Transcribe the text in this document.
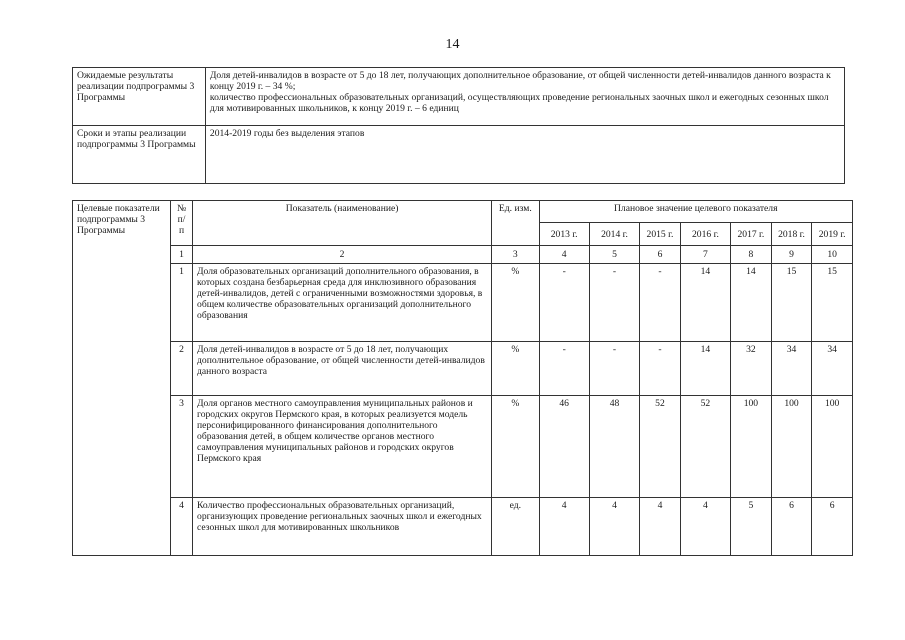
14
Ожидаемые результаты реализации подпрограммы 3 Программы	Доля детей-инвалидов в возрасте от 5 до 18 лет, получающих дополнительное образование, от общей численности детей-инвалидов данного возраста к концу 2019 г. – 34 %;
количество профессиональных образовательных организаций, осуществляющих проведение региональных заочных школ и ежегодных сезонных школ для мотивированных школьников, к концу 2019 г. – 6 единиц

Сроки и этапы реализации подпрограммы 3 Программы	2014-2019 годы без выделения этапов
Целевые показатели подпрограммы 3 Программы	№ п/п	Показатель (наименование)	Ед. изм.	Плановое значение целевого показателя						
				2013 г.	2014 г.	2015 г.	2016 г.	2017 г.	2018 г.	2019 г.
	1	2	3	4	5	6	7	8	9	10
	1	Доля образовательных организаций дополнительного образования, в которых создана безбарьерная среда для инклюзивного образования детей-инвалидов, детей с ограниченными возможностями здоровья, в общем количестве образовательных организаций дополнительного образования	%	-	-	-	14	14	15	15
	2	Доля детей-инвалидов в возрасте от 5 до 18 лет, получающих дополнительное образование, от общей численности детей-инвалидов данного возраста	%	-	-	-	14	32	34	34
	3	Доля органов местного самоуправления муниципальных районов и городских округов Пермского края, в которых реализуется модель персонифицированного финансирования дополнительного образования детей, в общем количестве органов местного самоуправления муниципальных районов и городских округов Пермского края	%	46	48	52	52	100	100	100
	4	Количество профессиональных образовательных организаций, организующих проведение региональных заочных школ и ежегодных сезонных школ для мотивированных школьников	ед.	4	4	4	4	5	6	6
